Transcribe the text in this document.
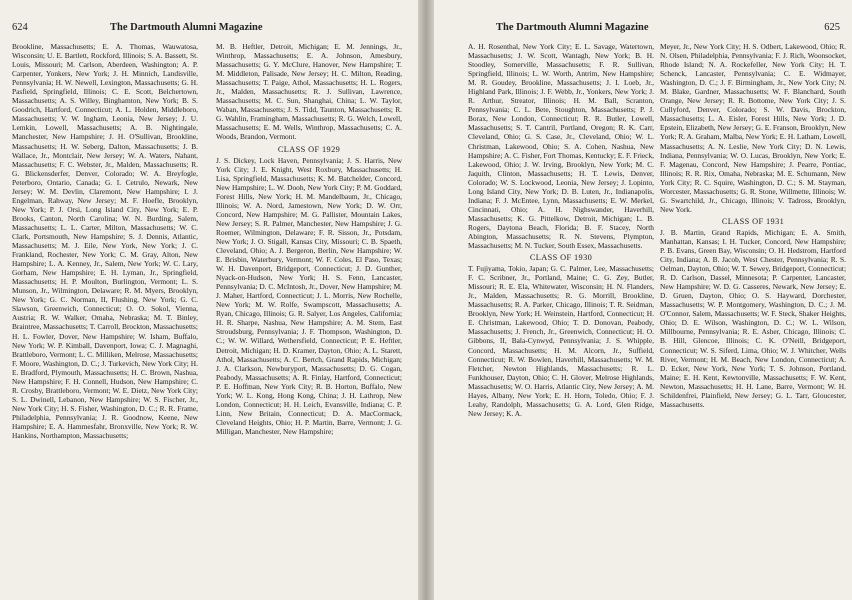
624	The Dartmouth Alumni Magazine

Brookline, Massachusetts; E. A. Thomas, Wauwatosa, Wisconsin; U. E. Bartlett, Rockford, Illinois; S. A. Bassett, St. Louis, Missouri; M. Carlson, Aberdeen, Washington; A. P. Carpenter, Yonkers, New York; J. H. Minnich, Landisville, Pennsylvania; H. W. Newell, Lexington, Massachusetts; G. H. Pasfield, Springfield, Illinois; C. E. Scott, Belchertown, Massachusetts; A. S. Willey, Binghamton, New York; B. S. Goodrich, Hartford, Connecticut; A. L. Holden, Middleboro, Massachusetts; V. W. Ingham, Leonia, New Jersey; J. U. Lemkin, Lowell, Massachusetts; A. B. Nightingale, Manchester, New Hampshire; J. H. O'Sullivan, Brookline, Massachusetts; H. W. Seberg, Dalton, Massachusetts; J. B. Wallace, Jr., Montclair, New Jersey; W. A. Waters, Nahant, Massachusetts; F. C. Webster, Jr., Malden, Massachusetts; R. G. Blickensderfer, Denver, Colorado; W. A. Breyfogle, Peterboro, Ontario, Canada; G. I. Cetrulo, Newark, New Jersey; W. M. Devlin, Claremont, New Hampshire; I. J. Engelman, Rahway, New Jersey; M. F. Hoefle, Brooklyn, New York; P. J. Orsi, Long Island City, New York; E. P. Brooks, Canton, North Carolina; W. N. Burding, Salem, Massachusetts; L. L. Carter, Milton, Massachusetts; W. C. Clark, Portsmouth, New Hampshire; S. J. Dennis, Atlantic, Massachusetts; M. J. Eile, New York, New York; J. C. Frankland, Rochester, New York; C. M. Gray, Alton, New Hampshire; L. A. Kenney, Jr., Salem, New York; W. C. Lary, Gorham, New Hampshire; E. H. Lyman, Jr., Springfield, Massachusetts; H. P. Moulton, Burlington, Vermont; L. S. Munson, Jr., Wilmington, Delaware; R. M. Myers, Brooklyn, New York; G. C. Norman, II, Flushing, New York; G. C. Slawson, Greenwich, Connecticut; O. O. Sokol, Vienna, Austria; R. W. Walker, Omaha, Nebraska; M. T. Binley, Braintree, Massachusetts; T. Carroll, Brockton, Massachusetts; H. L. Fowler, Dover, New Hampshire; W. Isham, Buffalo, New York; W. P. Kimball, Davenport, Iowa; C. J. Magnaghi, Brattleboro, Vermont; L. C. Milliken, Melrose, Massachusetts; F. Moore, Washington, D. C.; J. Turkevich, New York City; H. E. Bradford, Plymouth, Massachusetts; H. C. Brown, Nashua, New Hampshire; F. H. Connell, Hudson, New Hampshire; C. R. Crosby, Brattleboro, Vermont; W. E. Dietz, New York City; S. L. Dwinell, Lebanon, New Hampshire; W. S. Fischer, Jr., New York City; H. S. Fisher, Washington, D. C.; R. R. Frame, Philadelphia, Pennsylvania; J. R. Goodnow, Keene, New Hampshire; E. A. Hammesfahr, Bronxville, New York; R. W. Hankins, Northampton, Massachusetts;

M. B. Heftler, Detroit, Michigan; E. M. Jennings, Jr., Winthrop, Massachusetts; E. A. Johnson, Amesbury, Massachusetts; G. Y. McClure, Hanover, New Hampshire; T. M. Middleton, Palisade, New Jersey; H. C. Milton, Reading, Massachusetts; T. Paige, Athol, Massachusetts; H. L. Rogers, Jr., Malden, Massachusetts; R. J. Sullivan, Lawrence, Massachusetts; M. C. Sun, Shanghai, China; L. W. Taylor, Waban, Massachusetts; J. S. Tidd, Taunton, Massachusetts; R. G. Wahlin, Framingham, Massachusetts; R. G. Welch, Lowell, Massachusetts; E. M. Wells, Winthrop, Massachusetts; C. A. Woods, Brandon, Vermont.

CLASS OF 1929

J. S. Dickey, Lock Haven, Pennsylvania; J. S. Harris, New York City; J. E. Knight, West Roxbury, Massachusetts; H. Lisa, Springfield, Massachusetts; K. M. Batchelder, Concord, New Hampshire; L. W. Dooh, New York City; P. M. Goddard, Forest Hills, New York; H. M. Mandelbaum, Jr., Chicago, Illinois; W. A. Nord, Jamestown, New York; D. W. Orr, Concord, New Hampshire; M. G. Pallister, Mountain Lakes, New Jersey; S. R. Palmer, Manchester, New Hampshire; J. G. Roemer, Wilmington, Delaware; F. R. Sisson, Jr., Potsdam, New York; J. O. Stigall, Kansas City, Missouri; C. B. Spaeth, Cleveland, Ohio; A. J. Bergeron, Berlin, New Hampshire; W. E. Brisbin, Waterbury, Vermont; W. F. Coles, El Paso, Texas; W. H. Davenport, Bridgeport, Connecticut; J. D. Gunther, Nyack-on-Hudson, New York; H. S. Fenn, Lancaster, Pennsylvania; D. C. McIntosh, Jr., Dover, New Hampshire; M. J. Maher, Hartford, Connecticut; J. L. Morris, New Rochelle, New York; M. W. Rolfe, Swampscott, Massachusetts; A. Ryan, Chicago, Illinois; G. R. Salyer, Los Angeles, California; H. R. Sharpe, Nashua, New Hampshire; A. M. Stem, East Stroudsburg, Pennsylvania; J. F. Thompson, Washington, D. C.; W. W. Willard, Wethersfield, Connecticut; P. E. Heftler, Detroit, Michigan; H. D. Kramer, Dayton, Ohio; A. L. Starett, Athol, Massachusetts; A. C. Bertch, Grand Rapids, Michigan; J. A. Clarkson, Newburyport, Massachusetts; D. G. Cogan, Peabody, Massachusetts; A. R. Finlay, Hartford, Connecticut; P. E. Hoffman, New York City; R. B. Horton, Buffalo, New York; W. L. Kong, Hong Kong, China; J. H. Lathrop, New London, Connecticut; H. H. Leich, Evansville, Indiana; C. P. Linn, New Britain, Connecticut; D. A. MacCormack, Cleveland Heights, Ohio; H. P. Martin, Barre, Vermont; J. G. Milligan, Manchester, New Hampshire;

The Dartmouth Alumni Magazine	625

A. H. Rosenthal, New York City; E. L. Savage, Watertown, Massachusetts; J. W. Scott, Wantagh, New York; B. H. Stoodley, Somerville, Massachusetts; F. R. Sullivan, Springfield, Illinois; L. W. Worth, Antrim, New Hampshire; M. R. Goudey, Brookline, Massachusetts; J. I. Loeb, Jr., Highland Park, Illinois; J. F. Webb, Jr., Yonkers, New York; J. R. Arthur, Streator, Illinois; H. M. Ball, Scranton, Pennsylvania; C. L. Bete, Stoughton, Massachusetts; P. J. Borax, New London, Connecticut; R. R. Butler, Lowell, Massachusetts; S. T. Cantril, Portland, Oregon; R. K. Carr, Cleveland, Ohio; G. S. Case, Jr., Cleveland, Ohio; W. L. Christman, Lakewood, Ohio; S. A. Cohen, Nashua, New Hampshire; A. C. Fisher, Fort Thomas, Kentucky; E. F. Frieck, Lakewood, Ohio; J. W. Irving, Brooklyn, New York; M. C. Jaquith, Clinton, Massachusetts; H. T. Lewis, Denver, Colorado; W. S. Lockwood, Leonia, New Jersey; J. Lopinto, Long Island City, New York; D. B. Luten, Jr., Indianapolis, Indiana; F. J. McEntee, Lynn, Massachusetts; E. W. Merkel, Cincinnati, Ohio; A. H. Nighswander, Haverhill, Massachusetts; K. G. Pittelkow, Detroit, Michigan; L. B. Rogers, Daytona Beach, Florida; B. F. Stacey, North Abington, Massachusetts; R. N. Stevens, Plympton, Massachusetts; M. N. Tucker, South Essex, Massachusetts.

CLASS OF 1930

T. Fujiyama, Tokio, Japan; G. C. Palmer, Lee, Massachusetts; F. C. Scribner, Jr., Portland, Maine; C. G. Zey, Butler, Missouri; R. E. Ela, Whitewater, Wisconsin; H. N. Flanders, Jr., Malden, Massachusetts; R. G. Morrill, Brookline, Massachusetts; R. A. Parker, Chicago, Illinois; T. R. Seidman, Brooklyn, New York; H. Weinstein, Hartford, Connecticut; H. E. Christman, Lakewood, Ohio; T. D. Donovan, Peabody, Massachusetts; J. French, Jr., Greenwich, Connecticut; H. O. Gibbons, II, Bala-Cynwyd, Pennsylvania; J. S. Whipple, Concord, Massachusetts; H. M. Alcorn, Jr., Suffield, Connecticut; R. W. Bowlen, Haverhill, Massachusetts; W. M. Fletcher, Newton Highlands, Massachusetts; R. L. Funkhouser, Dayton, Ohio; C. H. Glover, Melrose Highlands, Massachusetts; W. O. Harris, Atlantic City, New Jersey; A. M. Hayes, Albany, New York; E. H. Horn, Toledo, Ohio; F. J. Leahy, Randolph, Massachusetts; G. A. Lord, Glen Ridge, New Jersey; K. A.

Meyer, Jr., New York City; H. S. Odbert, Lakewood, Ohio; R. N. Olsen, Philadelphia, Pennsylvania; F. J. Rich, Woonsocket, Rhode Island; N. A. Rockefeller, New York City; H. T. Schenck, Lancaster, Pennsylvania; C. E. Widmayer, Washington, D. C.; J. F. Birmingham, Jr., New York City; N. M. Blake, Gardner, Massachusetts; W. F. Blanchard, South Orange, New Jersey; R. R. Bottome, New York City; J. S. Cullyford, Denver, Colorado; S. W. Davis, Brockton, Massachusetts; L. A. Eisler, Forest Hills, New York; J. D. Epstein, Elizabeth, New Jersey; G. E. Franson, Brooklyn, New York; R. A. Graham, Malba, New York; E. H. Latham, Lowell, Massachusetts; A. N. Leslie, New York City; D. N. Lewis, Indiana, Pennsylvania; W. O. Lucas, Brooklyn, New York; E. F. Magenau, Concord, New Hampshire; J. Pearre, Pontiac, Illinois; R. R. Rix, Omaha, Nebraska; M. E. Schumann, New York City; R. C. Squire, Washington, D. C.; S. M. Stayman, Worcester, Massachusetts; G. R. Stone, Willmette, Illinois; W. G. Swartchild, Jr., Chicago, Illinois; V. Tadross, Brooklyn, New York.

CLASS OF 1931

J. B. Martin, Grand Rapids, Michigan; E. A. Smith, Manhattan, Kansas; I. H. Tucker, Concord, New Hampshire; P. B. Evans, Green Bay, Wisconsin; O. H. Hedstrom, Hartford City, Indiana; A. B. Jacob, West Chester, Pennsylvania; R. S. Oelman, Dayton, Ohio; W. T. Sewey, Bridgeport, Connecticut; R. D. Carlson, Dassel, Minnesota; P. Carpenter, Lancaster, New Hampshire; W. D. G. Casseres, Newark, New Jersey; E. D. Gruen, Dayton, Ohio; O. S. Hayward, Dorchester, Massachusetts; W. P. Montgomery, Washington, D. C.; J. M. O'Connor, Salem, Massachusetts; W. F. Steck, Shaker Heights, Ohio; D. E. Wilson, Washington, D. C.; W. L. Wilson, Millbourne, Pennsylvania; R. E. Asher, Chicago, Illinois; C. B. Hill, Glencoe, Illinois; C. K. O'Neill, Bridgeport, Connecticut; W. S. Siferd, Lima, Ohio; W. J. Whitcher, Wells River, Vermont; H. M. Beach, New London, Connecticut; A. D. Ecker, New York, New York; T. S. Johnson, Portland, Maine; E. H. Kent, Kewtonville, Massachusetts; F. W. Kent, Newton, Massachusetts; H. H. Lane, Barre, Vermont; W. H. Schildenfrei, Plainfield, New Jersey; G. L. Tarr, Gloucester, Massachusetts.
